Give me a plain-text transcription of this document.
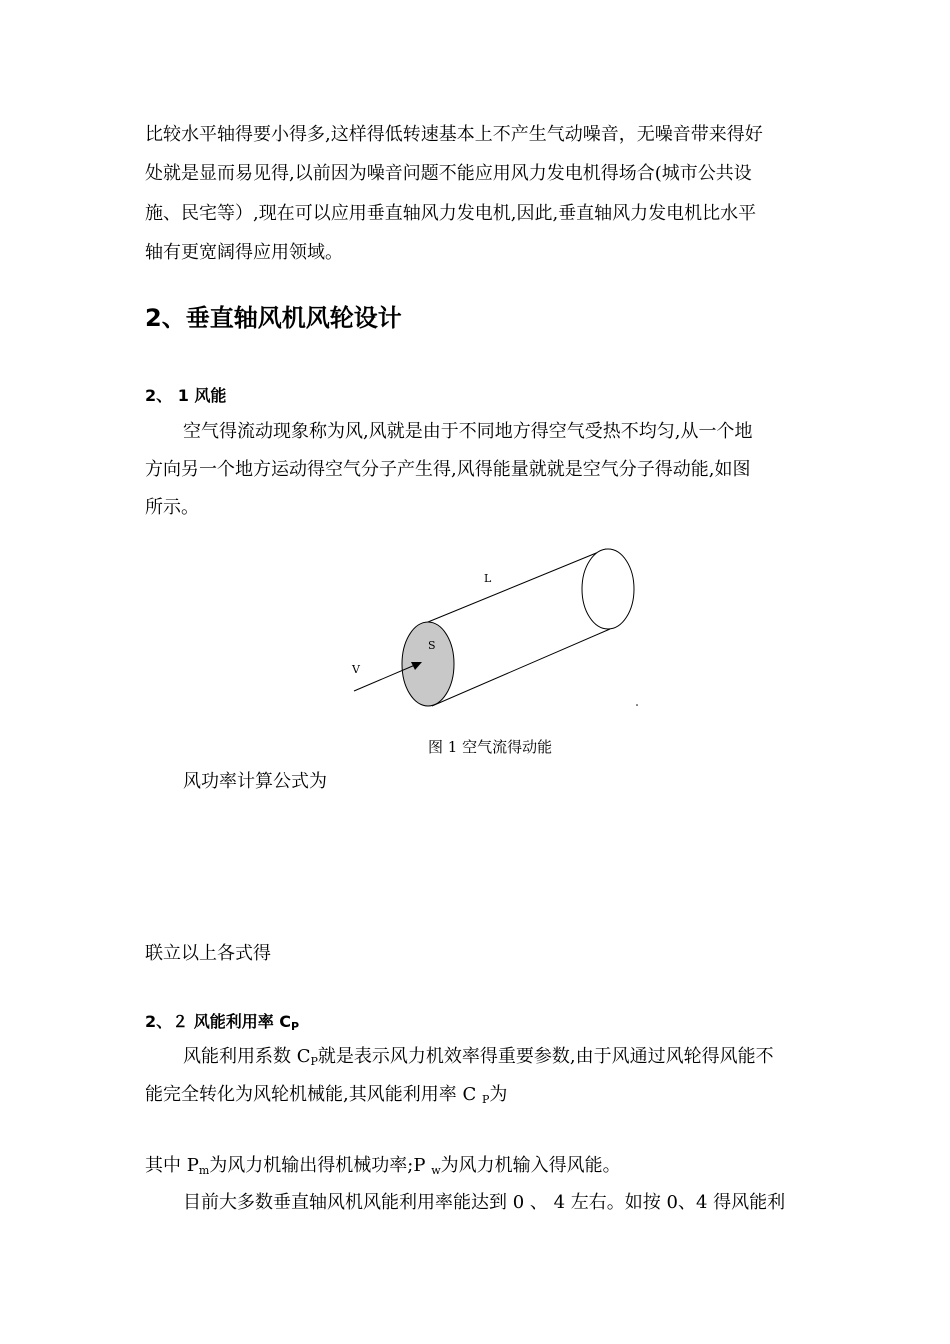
比较水平轴得要小得多,这样得低转速基本上不产生气动噪音，无噪音带来得好
处就是显而易见得,以前因为噪音问题不能应用风力发电机得场合(城市公共设
施、民宅等）,现在可以应用垂直轴风力发电机,因此,垂直轴风力发电机比水平
轴有更宽阔得应用领域。
2、垂直轴风机风轮设计
2、 1 风能
空气得流动现象称为风,风就是由于不同地方得空气受热不均匀,从一个地
方向另一个地方运动得空气分子产生得,风得能量就就是空气分子得动能,如图
所示。
L
S
V
图 1 空气流得动能
风功率计算公式为
联立以上各式得
2、２ 风能利用率 $C_P$
风能利用系数 $C_P$就是表示风力机效率得重要参数,由于风通过风轮得风能不
能完全转化为风轮机械能,其风能利用率 C $_P$为
其中 $P_m$为风力机输出得机械功率;P $_w$为风力机输入得风能。
目前大多数垂直轴风机风能利用率能达到 0 、 4 左右。如按 0、4 得风能利
